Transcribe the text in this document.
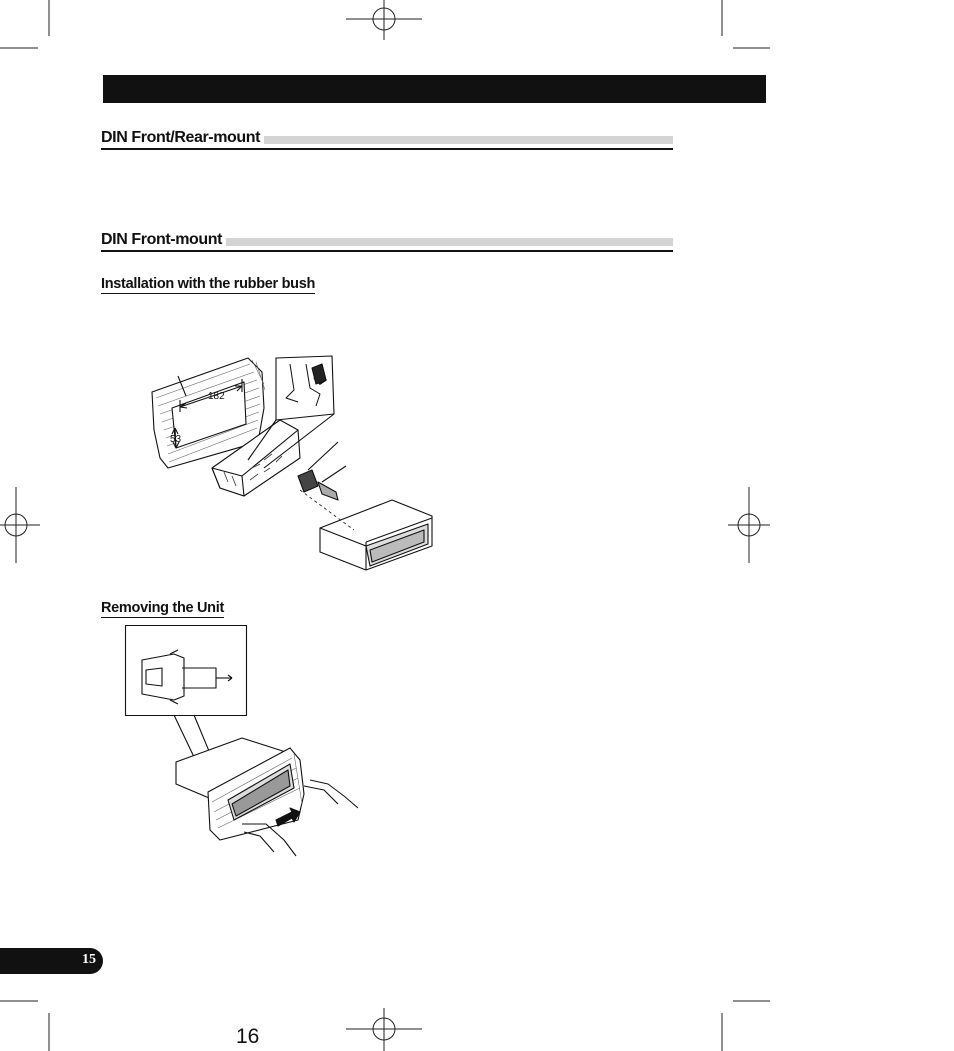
DIN Front/Rear-mount
DIN Front-mount
Installation with the rubber bush
Removing the Unit
182
53
15
16
